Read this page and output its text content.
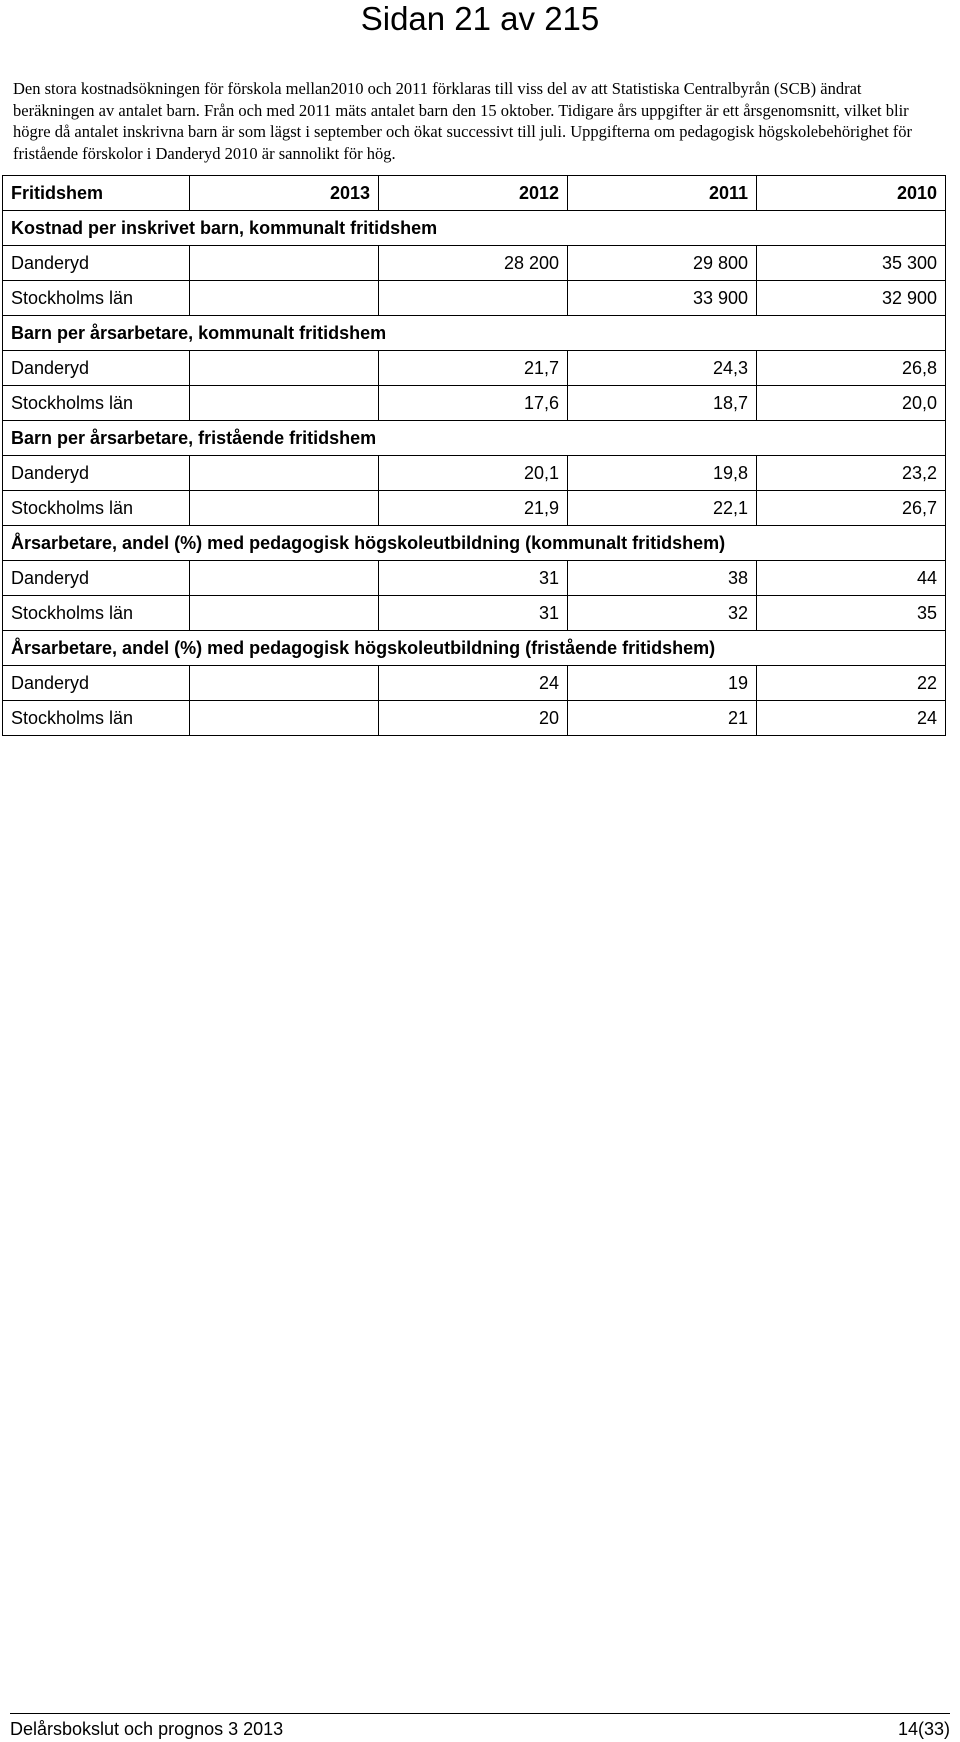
Sidan 21 av 215
Den stora kostnadsökningen för förskola mellan2010 och 2011 förklaras till viss del av att Statistiska Centralbyrån (SCB) ändrat beräkningen av antalet barn. Från och med 2011 mäts antalet barn den 15 oktober. Tidigare års uppgifter är ett årsgenomsnitt, vilket blir högre då antalet inskrivna barn är som lägst i september och ökat successivt till juli. Uppgifterna om pedagogisk högskolebehörighet för fristående förskolor i Danderyd 2010 är sannolikt för hög.
Fritidshem	2013	2012	2011	2010
Kostnad per inskrivet barn, kommunalt fritidshem				
Danderyd		28 200	29 800	35 300
Stockholms län			33 900	32 900
Barn per årsarbetare, kommunalt fritidshem				
Danderyd		21,7	24,3	26,8
Stockholms län		17,6	18,7	20,0
Barn per årsarbetare, fristående fritidshem				
Danderyd		20,1	19,8	23,2
Stockholms län		21,9	22,1	26,7
Årsarbetare, andel (%) med pedagogisk högskoleutbildning (kommunalt fritidshem)				
Danderyd		31	38	44
Stockholms län		31	32	35
Årsarbetare, andel (%) med pedagogisk högskoleutbildning (fristående fritidshem)				
Danderyd		24	19	22
Stockholms län		20	21	24
Delårsbokslut och prognos 3 2013	14(33)
